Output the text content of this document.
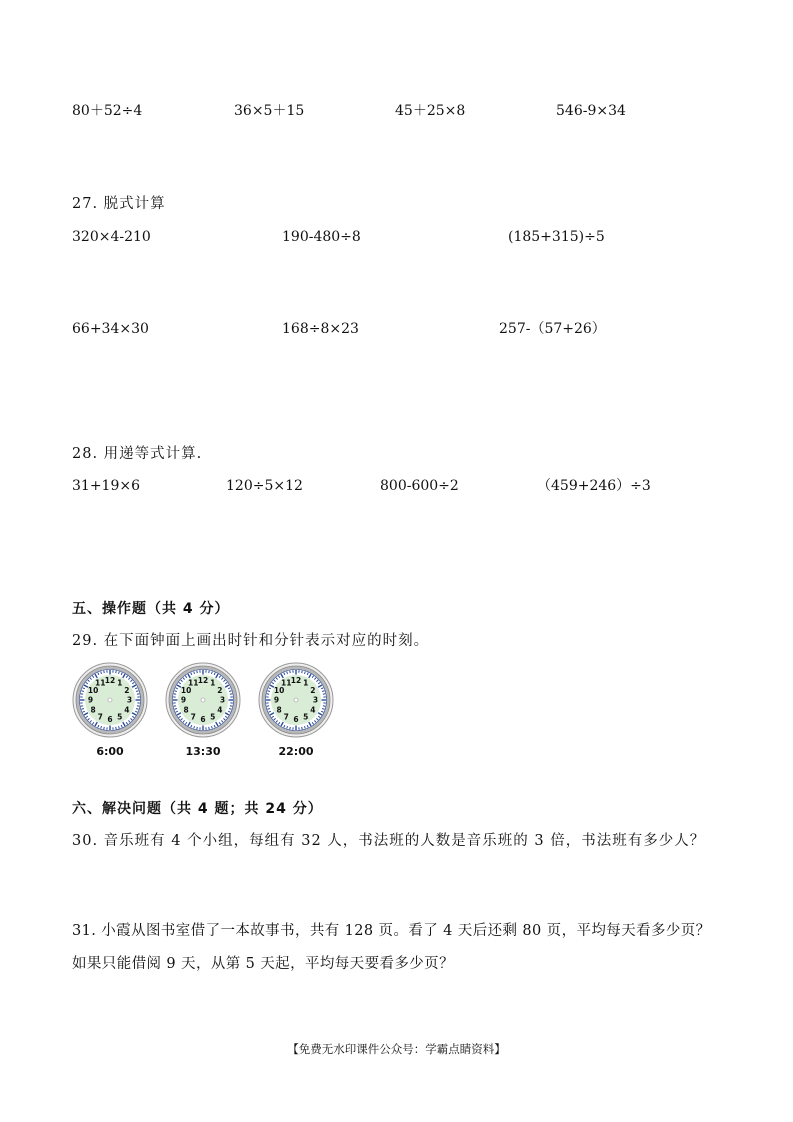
80＋52÷4	36×5＋15	45＋25×8	546-9×34
27. 脱式计算
320×4-210	190-480÷8	(185+315)÷5
66+34×30	168÷8×23	257-（57+26）
28. 用递等式计算.
31+19×6	120÷5×12	800-600÷2	（459+246）÷3
五、操作题（共 4 分）
29. 在下面钟面上画出时针和分针表示对应的时刻。
12 1
2
3
4
5
6
7
8
9
10
11	12 1
2
3
4
5
6
7
8
9
10
11	12 1
2
3
4
5
6
7
8
9
10
11
6:00	13:30	22:00
六、解决问题（共 4 题；共 24 分）
30. 音乐班有 4 个小组，每组有 32 人，书法班的人数是音乐班的 3 倍，书法班有多少人？
31. 小霞从图书室借了一本故事书，共有 128 页。看了 4 天后还剩 80 页，平均每天看多少页？
如果只能借阅 9 天，从第 5 天起，平均每天要看多少页？
【免费无水印课件公众号：学霸点睛资料】
